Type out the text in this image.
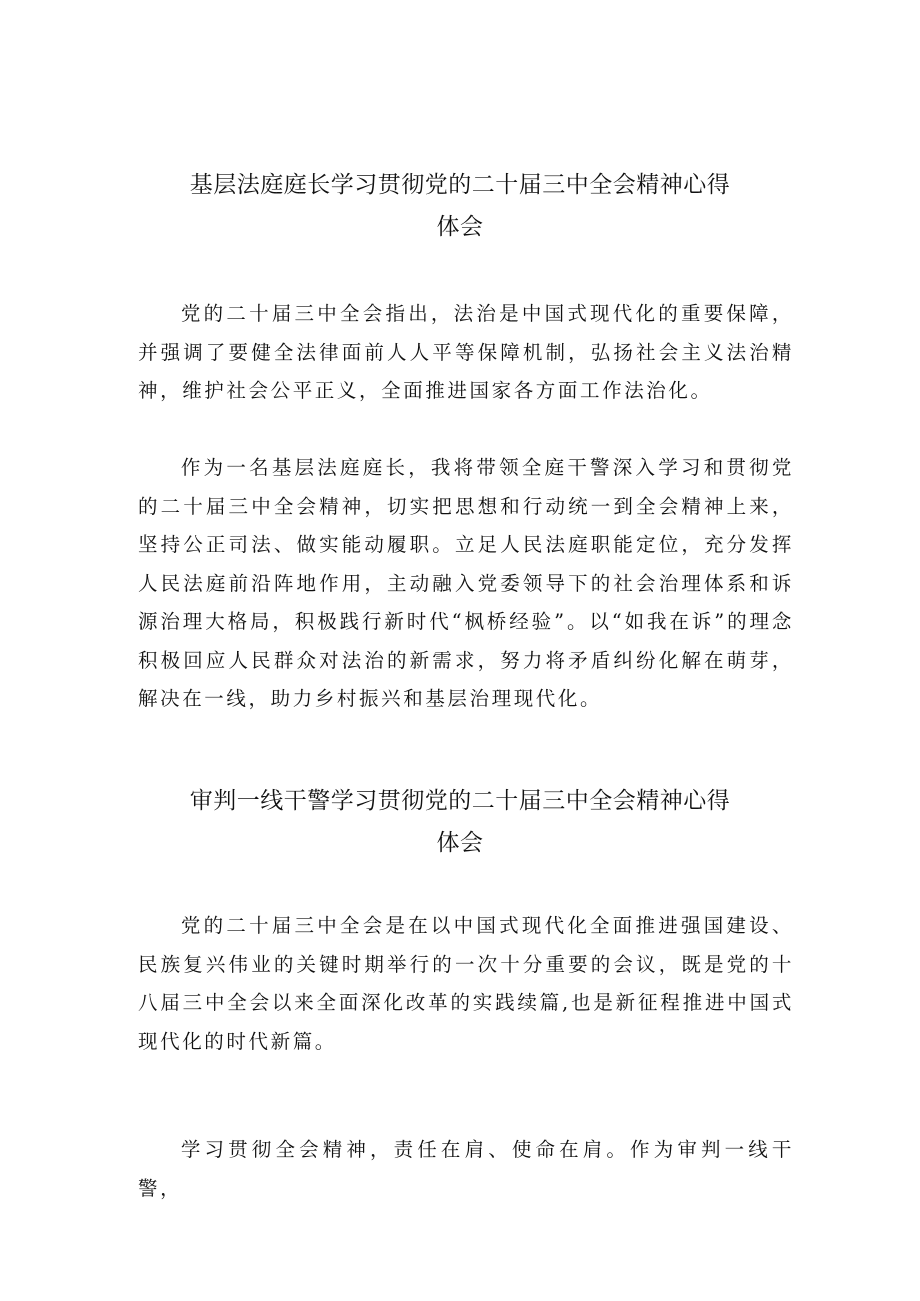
基层法庭庭长学习贯彻党的二十届三中全会精神心得
体会

党的二十届三中全会指出，法治是中国式现代化的重要保障，并强调了要健全法律面前人人平等保障机制，弘扬社会主义法治精神，维护社会公平正义，全面推进国家各方面工作法治化。

作为一名基层法庭庭长，我将带领全庭干警深入学习和贯彻党的二十届三中全会精神，切实把思想和行动统一到全会精神上来，坚持公正司法、做实能动履职。立足人民法庭职能定位，充分发挥人民法庭前沿阵地作用，主动融入党委领导下的社会治理体系和诉源治理大格局，积极践行新时代“枫桥经验”。以“如我在诉”的理念积极回应人民群众对法治的新需求，努力将矛盾纠纷化解在萌芽，解决在一线，助力乡村振兴和基层治理现代化。

审判一线干警学习贯彻党的二十届三中全会精神心得
体会

党的二十届三中全会是在以中国式现代化全面推进强国建设、民族复兴伟业的关键时期举行的一次十分重要的会议，既是党的十八届三中全会以来全面深化改革的实践续篇,也是新征程推进中国式现代化的时代新篇。

学习贯彻全会精神，责任在肩、使命在肩。作为审判一线干警，
